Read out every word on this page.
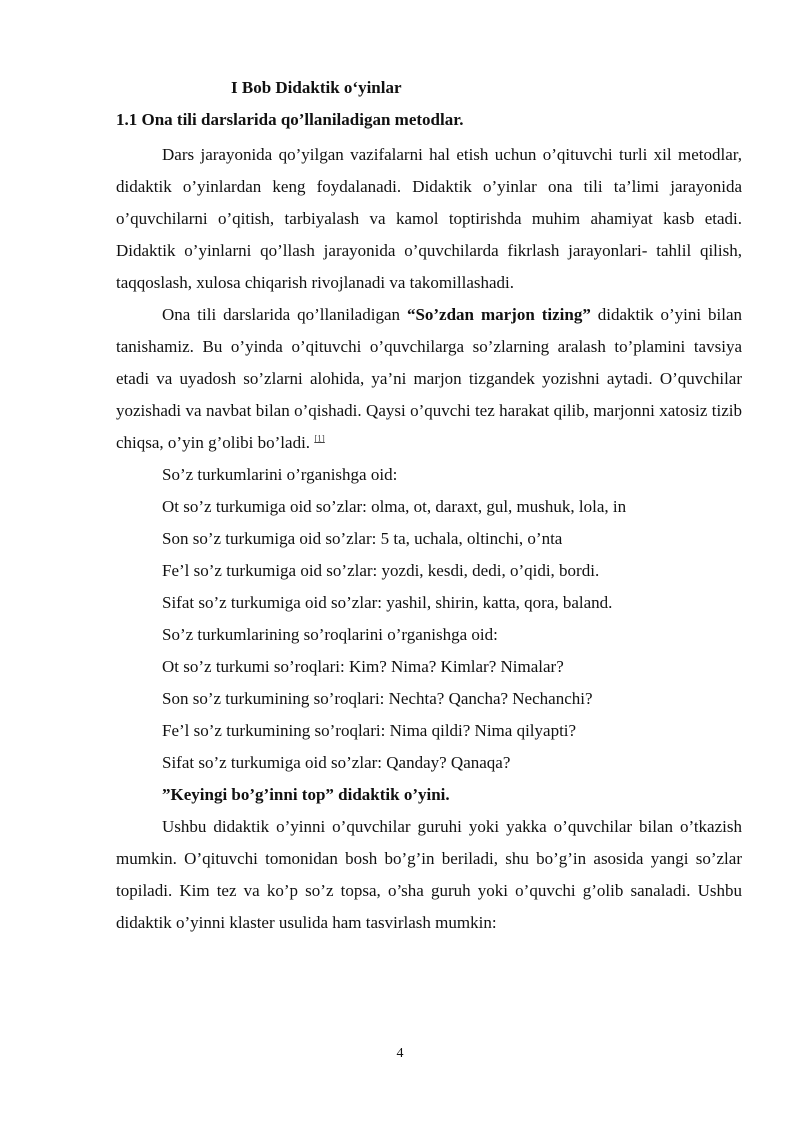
I Bob Didaktik o‘yinlar
1.1 Ona tili darslarida qo’llaniladigan metodlar.

Dars jarayonida qo’yilgan vazifalarni hal etish uchun o’qituvchi turli xil metodlar, didaktik o’yinlardan keng foydalanadi. Didaktik o’yinlar ona tili ta’limi jarayonida o’quvchilarni o’qitish, tarbiyalash va kamol toptirishda muhim ahamiyat kasb etadi. Didaktik o’yinlarni qo’llash jarayonida o’quvchilarda fikrlash jarayonlari- tahlil qilish, taqqoslash, xulosa chiqarish rivojlanadi va takomillashadi.

Ona tili darslarida qo’llaniladigan “So’zdan marjon tizing” didaktik o’yini bilan tanishamiz. Bu o’yinda o’qituvchi o’quvchilarga so’zlarning aralash to’plamini tavsiya etadi va uyadosh so’zlarni alohida, ya’ni marjon tizgandek yozishni aytadi. O’quvchilar yozishadi va navbat bilan o’qishadi. Qaysi o’quvchi tez harakat qilib, marjonni xatosiz tizib chiqsa, o’yin g’olibi bo’ladi. [1]

So’z turkumlarini o’rganishga oid:
Ot so’z turkumiga oid so’zlar: olma, ot, daraxt, gul, mushuk, lola, in
Son so’z turkumiga oid so’zlar: 5 ta, uchala, oltinchi, o’nta
Fe’l so’z turkumiga oid so’zlar: yozdi, kesdi, dedi, o’qidi, bordi.
Sifat so’z turkumiga oid so’zlar: yashil, shirin, katta, qora, baland.
So’z turkumlarining so’roqlarini o’rganishga oid:
Ot so’z turkumi so’roqlari: Kim? Nima? Kimlar? Nimalar?
Son so’z turkumining so’roqlari: Nechta? Qancha? Nechanchi?
Fe’l so’z turkumining so’roqlari: Nima qildi? Nima qilyapti?
Sifat so’z turkumiga oid so’zlar: Qanday? Qanaqa?
”Keyingi bo’g’inni top” didaktik o’yini.

Ushbu didaktik o’yinni o’quvchilar guruhi yoki yakka o’quvchilar bilan o’tkazish mumkin. O’qituvchi tomonidan bosh bo’g’in beriladi, shu bo’g’in asosida yangi so’zlar topiladi. Kim tez va ko’p so’z topsa, o’sha guruh yoki o’quvchi g’olib sanaladi. Ushbu didaktik o’yinni klaster usulida ham tasvirlash mumkin:

4
